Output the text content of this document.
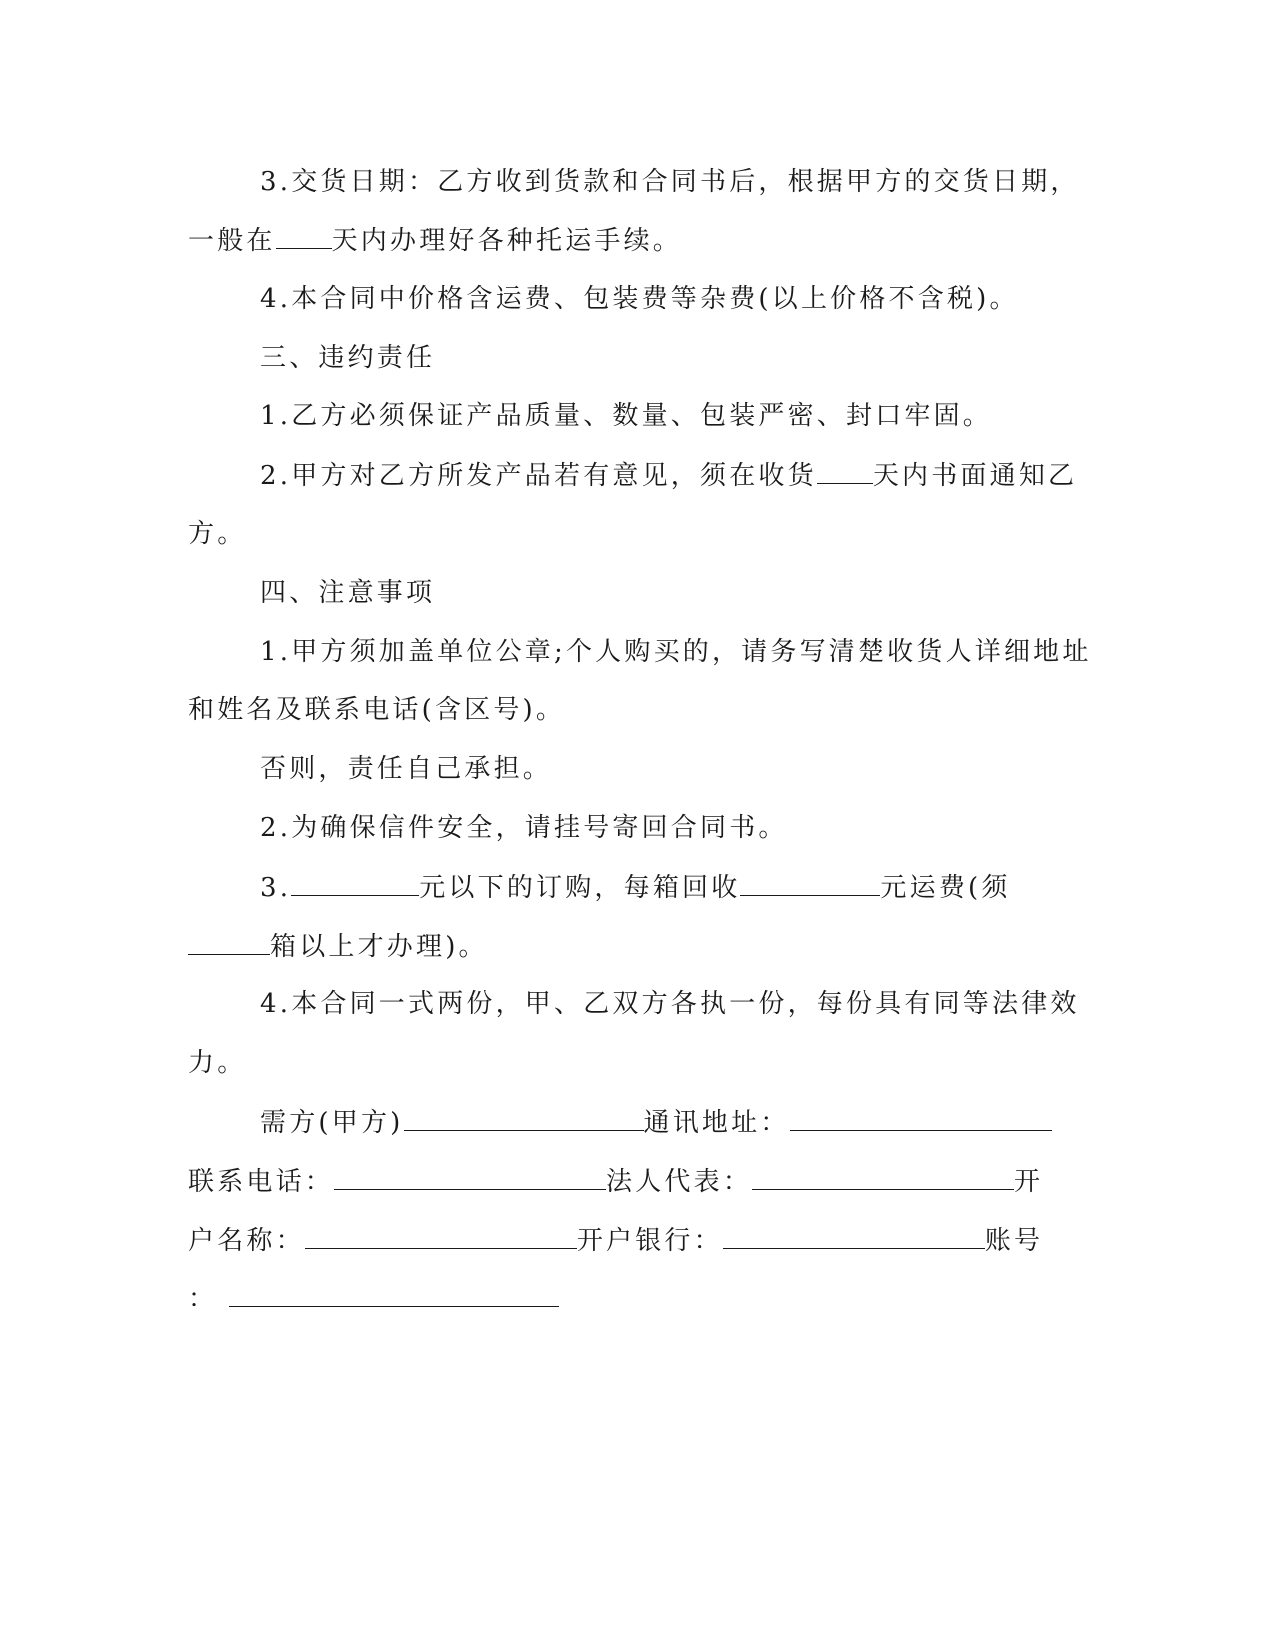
3.交货日期：乙方收到货款和合同书后，根据甲方的交货日期，
一般在 天内办理好各种托运手续。
4.本合同中价格含运费、包装费等杂费(以上价格不含税)。
三、违约责任
1.乙方必须保证产品质量、数量、包装严密、封口牢固。
2.甲方对乙方所发产品若有意见，须在收货 天内书面通知乙
方。
四、注意事项
1.甲方须加盖单位公章;个人购买的，请务写清楚收货人详细地址
和姓名及联系电话(含区号)。
否则，责任自己承担。
2.为确保信件安全，请挂号寄回合同书。
3.	元以下的订购，每箱回收	元运费(须
箱以上才办理)。
4.本合同一式两份，甲、乙双方各执一份，每份具有同等法律效
力。
需方(甲方)	通讯地址：
联系电话：	法人代表：	开
户名称：	开户银行：	账号
：
